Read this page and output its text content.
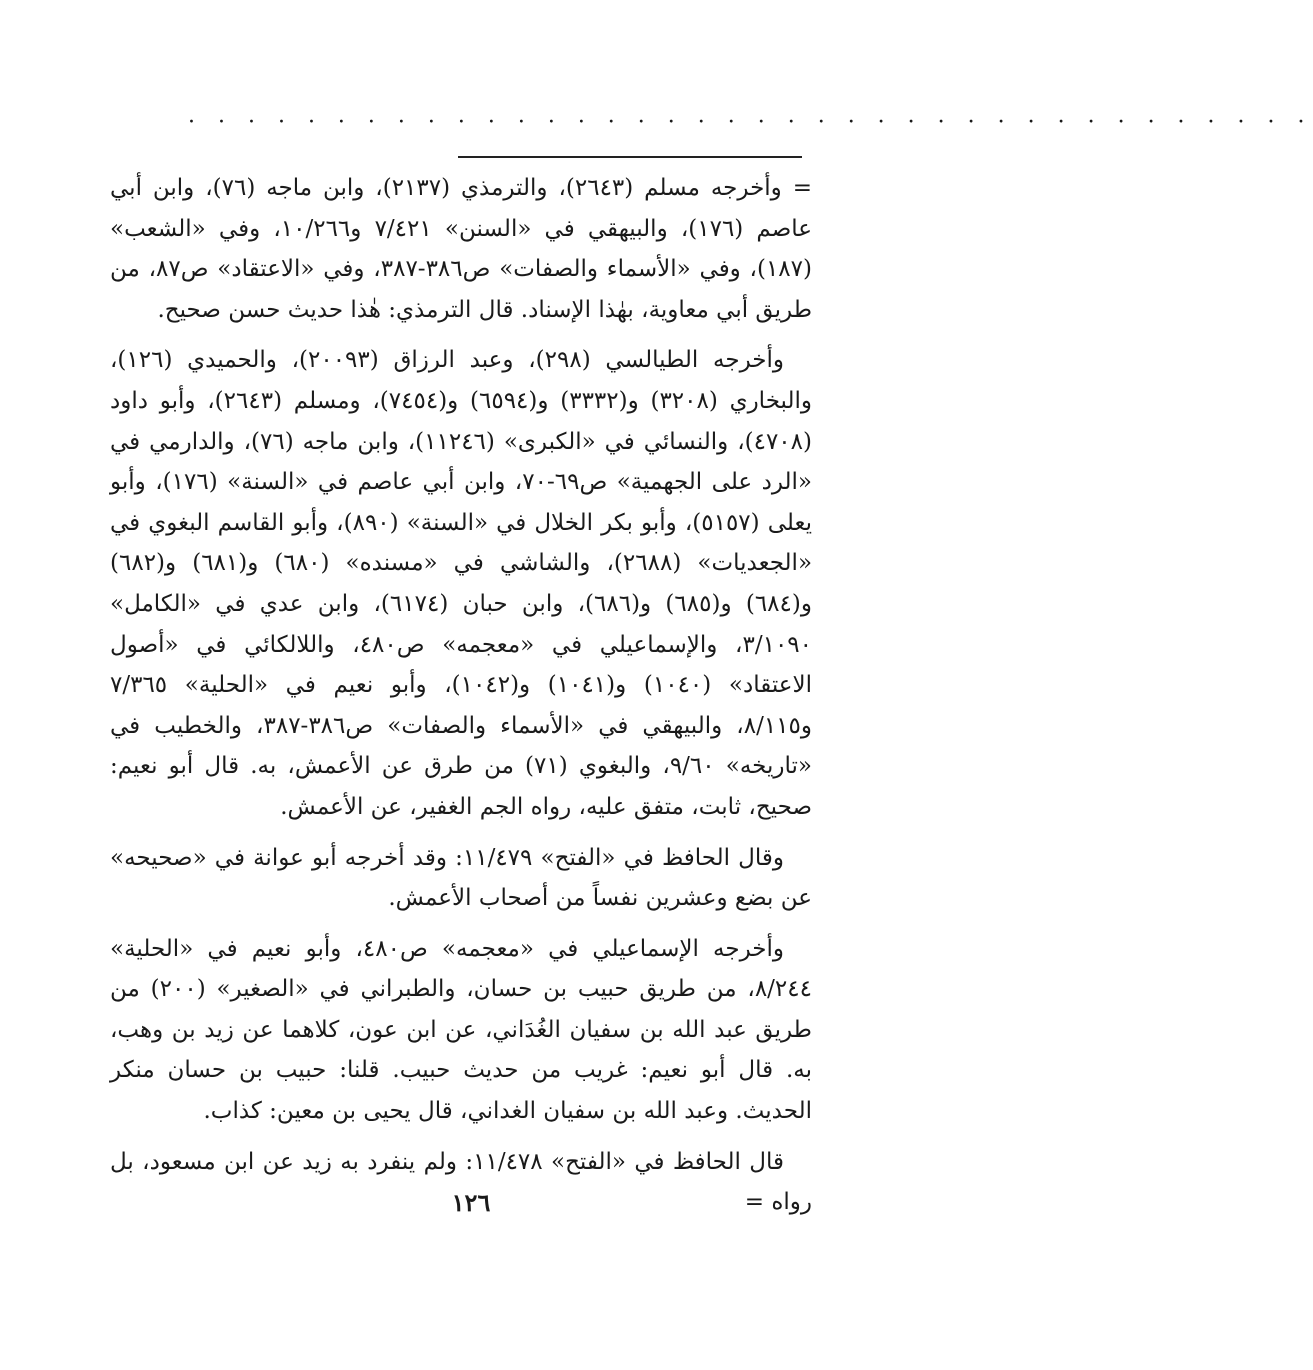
· · · · · · · · · · · · · · · · · · · · · · · · · · · · · · · · · · · · · ·

= وأخرجه مسلم (٢٦٤٣)، والترمذي (٢١٣٧)، وابن ماجه (٧٦)، وابن أبي عاصم (١٧٦)، والبيهقي في «السنن» ٧/٤٢١ و١٠/٢٦٦، وفي «الشعب» (١٨٧)، وفي «الأسماء والصفات» ص٣٨٦-٣٨٧، وفي «الاعتقاد» ص٨٧، من طريق أبي معاوية، بهٰذا الإسناد. قال الترمذي: هٰذا حديث حسن صحيح.

وأخرجه الطيالسي (٢٩٨)، وعبد الرزاق (٢٠٠٩٣)، والحميدي (١٢٦)، والبخاري (٣٢٠٨) و(٣٣٣٢) و(٦٥٩٤) و(٧٤٥٤)، ومسلم (٢٦٤٣)، وأبو داود (٤٧٠٨)، والنسائي في «الكبرى» (١١٢٤٦)، وابن ماجه (٧٦)، والدارمي في «الرد على الجهمية» ص٦٩-٧٠، وابن أبي عاصم في «السنة» (١٧٦)، وأبو يعلى (٥١٥٧)، وأبو بكر الخلال في «السنة» (٨٩٠)، وأبو القاسم البغوي في «الجعديات» (٢٦٨٨)، والشاشي في «مسنده» (٦٨٠) و(٦٨١) و(٦٨٢) و(٦٨٤) و(٦٨٥) و(٦٨٦)، وابن حبان (٦١٧٤)، وابن عدي في «الكامل» ٣/١٠٩٠، والإسماعيلي في «معجمه» ص٤٨٠، واللالكائي في «أصول الاعتقاد» (١٠٤٠) و(١٠٤١) و(١٠٤٢)، وأبو نعيم في «الحلية» ٧/٣٦٥ و٨/١١٥، والبيهقي في «الأسماء والصفات» ص٣٨٦-٣٨٧، والخطيب في «تاريخه» ٩/٦٠، والبغوي (٧١) من طرق عن الأعمش، به. قال أبو نعيم: صحيح، ثابت، متفق عليه، رواه الجم الغفير، عن الأعمش.

وقال الحافظ في «الفتح» ١١/٤٧٩: وقد أخرجه أبو عوانة في «صحيحه» عن بضع وعشرين نفساً من أصحاب الأعمش.

وأخرجه الإسماعيلي في «معجمه» ص٤٨٠، وأبو نعيم في «الحلية» ٨/٢٤٤، من طريق حبيب بن حسان، والطبراني في «الصغير» (٢٠٠) من طريق عبد الله بن سفيان الغُدَاني، عن ابن عون، كلاهما عن زيد بن وهب، به. قال أبو نعيم: غريب من حديث حبيب. قلنا: حبيب بن حسان منكر الحديث. وعبد الله بن سفيان الغداني، قال يحيى بن معين: كذاب.

قال الحافظ في «الفتح» ١١/٤٧٨: ولم ينفرد به زيد عن ابن مسعود، بل رواه =

١٢٦
